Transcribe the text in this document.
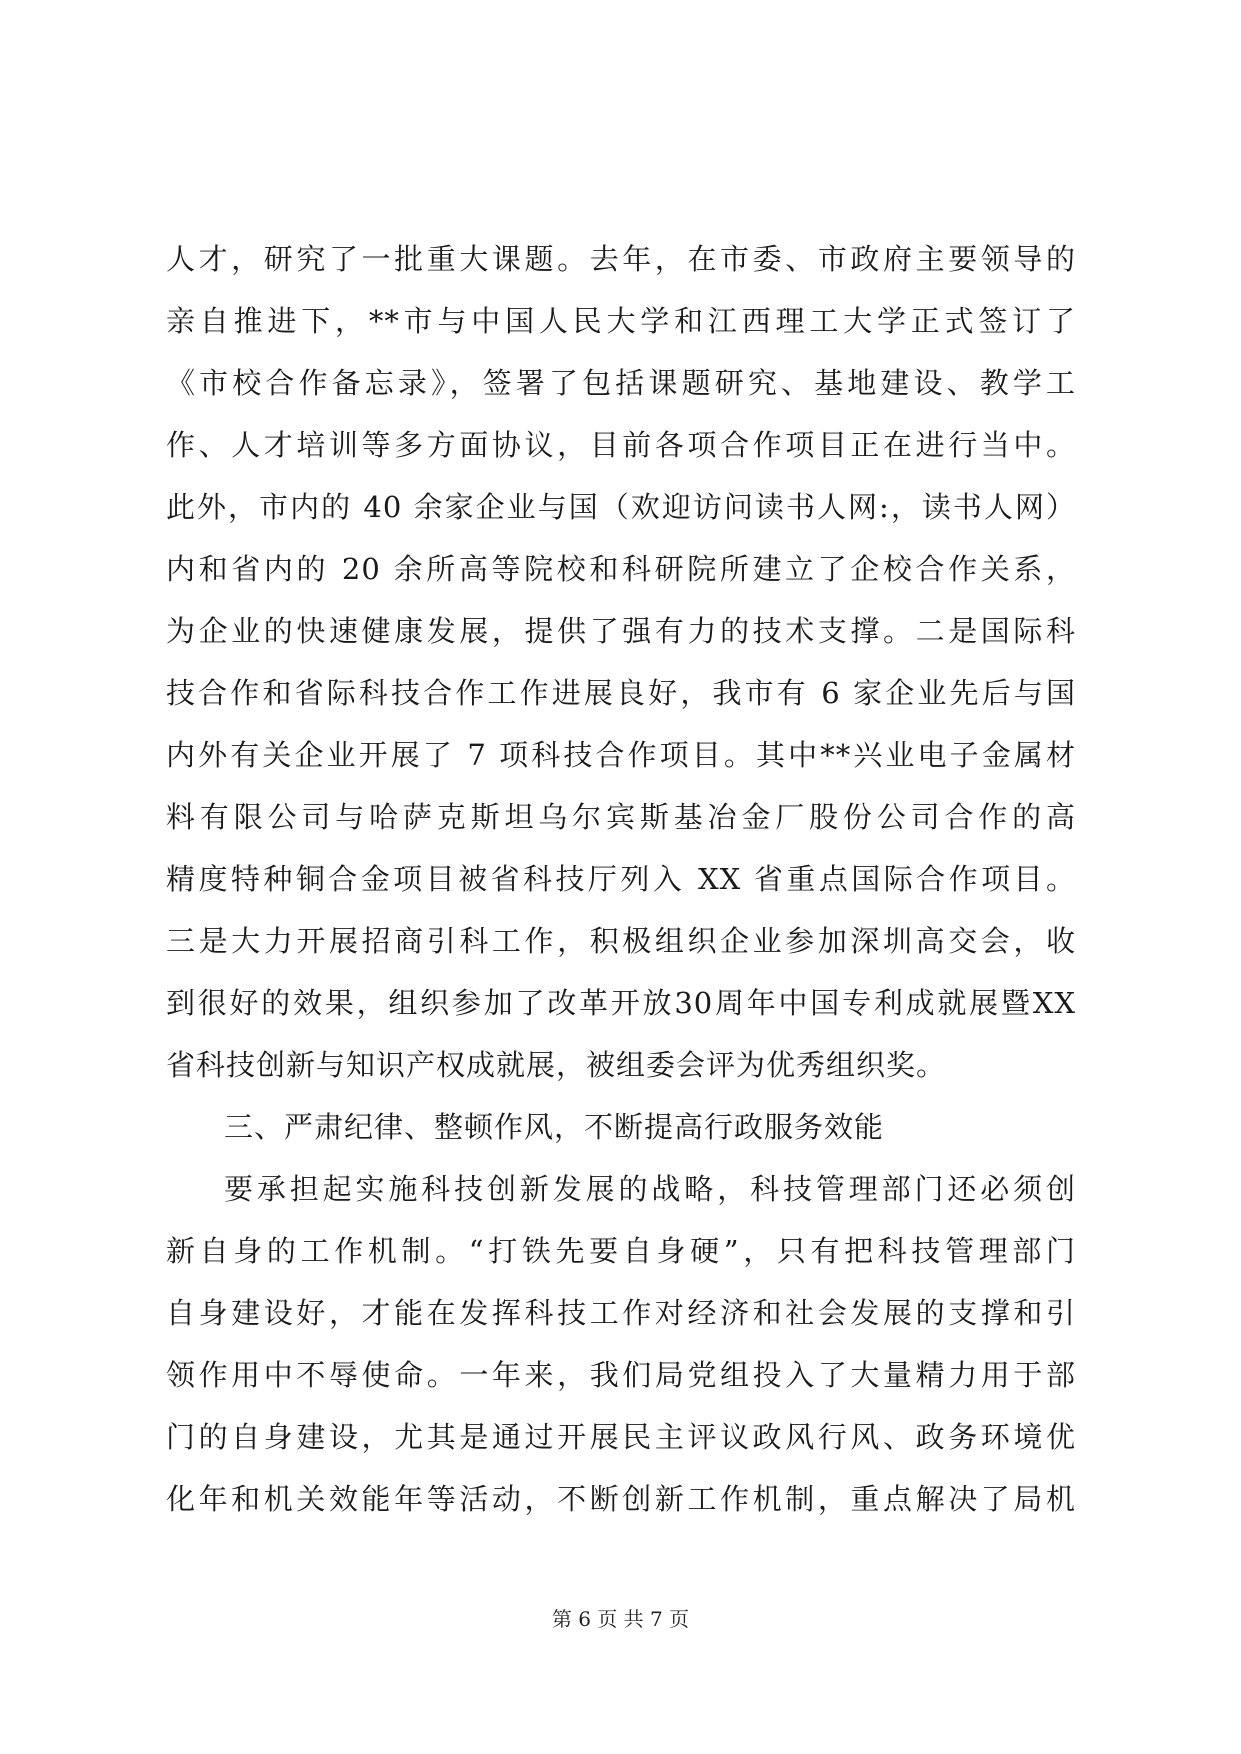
人才，研究了一批重大课题。去年，在市委、市政府主要领导的
亲自推进下，**市与中国人民大学和江西理工大学正式签订了
《市校合作备忘录》，签署了包括课题研究、基地建设、教学工
作、人才培训等多方面协议，目前各项合作项目正在进行当中。
此外，市内的 40 余家企业与国（欢迎访问读书人网:，读书人网）
内和省内的 20 余所高等院校和科研院所建立了企校合作关系，
为企业的快速健康发展，提供了强有力的技术支撑。二是国际科
技合作和省际科技合作工作进展良好，我市有 6 家企业先后与国
内外有关企业开展了 7 项科技合作项目。其中**兴业电子金属材
料有限公司与哈萨克斯坦乌尔宾斯基冶金厂股份公司合作的高
精度特种铜合金项目被省科技厅列入 XX 省重点国际合作项目。
三是大力开展招商引科工作，积极组织企业参加深圳高交会，收
到很好的效果，组织参加了改革开放30周年中国专利成就展暨XX
省科技创新与知识产权成就展，被组委会评为优秀组织奖。
三、严肃纪律、整顿作风，不断提高行政服务效能
要承担起实施科技创新发展的战略，科技管理部门还必须创
新自身的工作机制。“打铁先要自身硬”，只有把科技管理部门
自身建设好，才能在发挥科技工作对经济和社会发展的支撑和引
领作用中不辱使命。一年来，我们局党组投入了大量精力用于部
门的自身建设，尤其是通过开展民主评议政风行风、政务环境优
化年和机关效能年等活动，不断创新工作机制，重点解决了局机
第 6 页 共 7 页
